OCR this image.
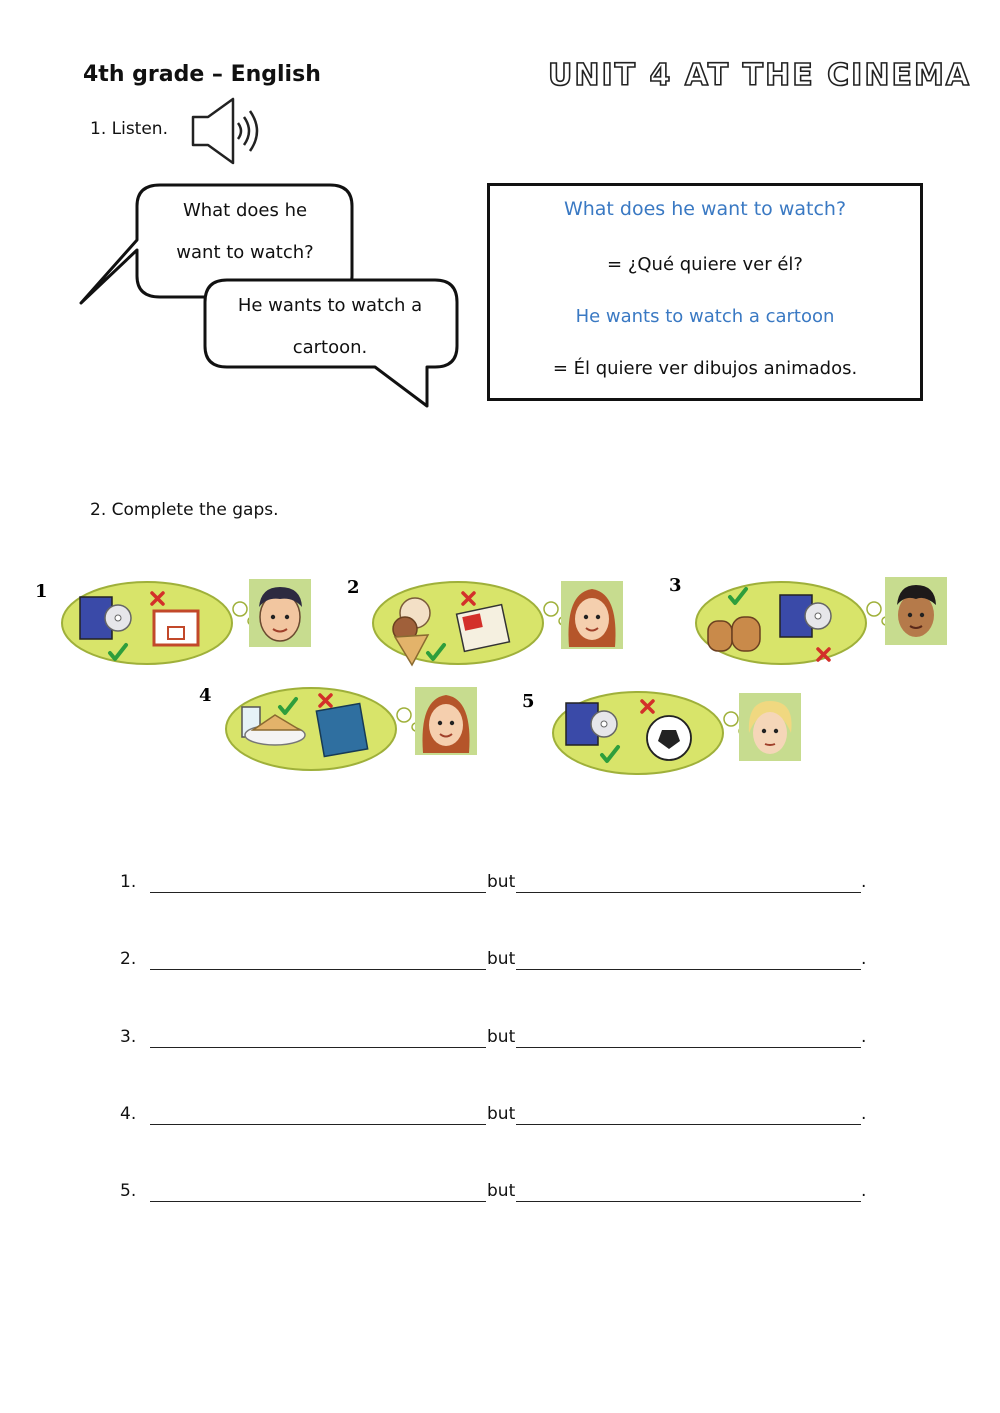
4th grade – English	UNIT 4 AT THE CINEMA
1. Listen.
What does he
want to watch?
He wants to watch a
cartoon.
What does he want to watch?
= ¿Qué quiere ver él?
He wants to watch a cartoon
= Él quiere ver dibujos animados.
2. Complete the gaps.
1	2	3
4	5
1.	but	.
2.	but	.
3.	but	.
4.	but	.
5.	but	.
